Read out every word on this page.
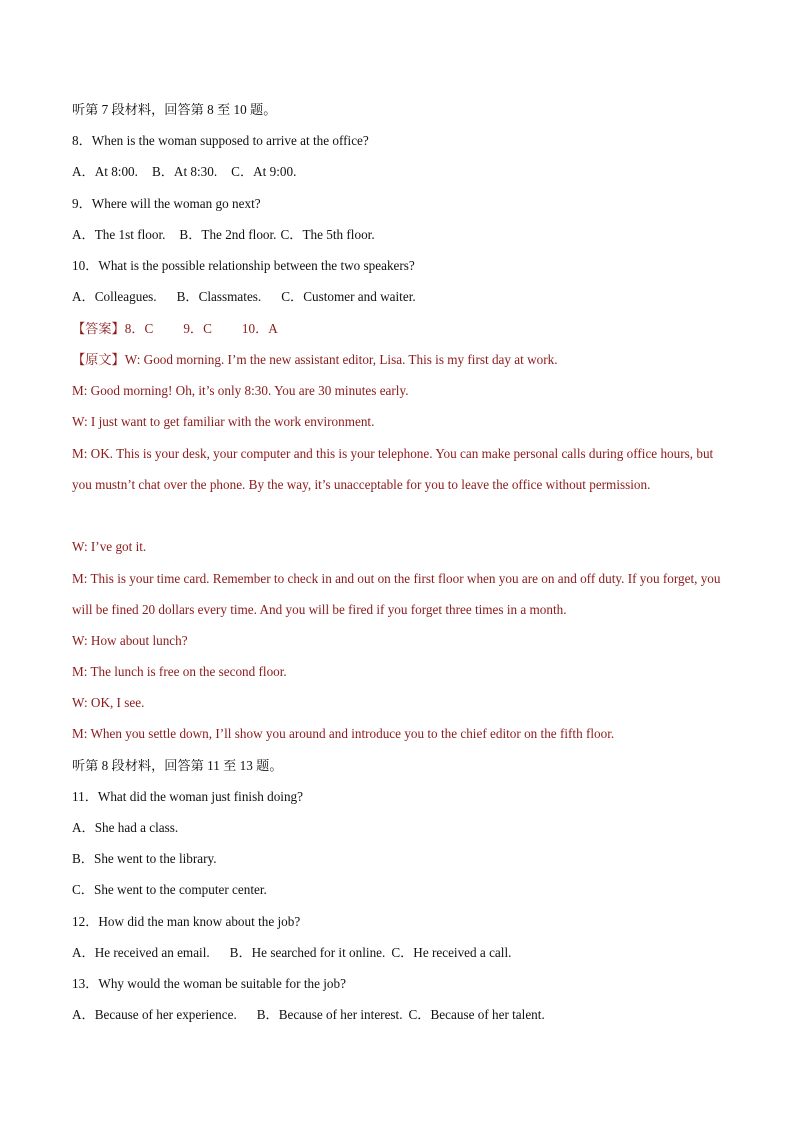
听第 7 段材料，回答第 8 至 10 题。
8．When is the woman supposed to arrive at the office?
A．At 8:00. B．At 8:30. C．At 9:00.
9．Where will the woman go next?
A．The 1st floor. B．The 2nd floor. C．The 5th floor.
10．What is the possible relationship between the two speakers?
A．Colleagues. B．Classmates. C．Customer and waiter.
【答案】8．C 9．C 10．A
【原文】W: Good morning. I’m the new assistant editor, Lisa. This is my first day at work.
M: Good morning! Oh, it’s only 8:30. You are 30 minutes early.
W: I just want to get familiar with the work environment.
M: OK. This is your desk, your computer and this is your telephone. You can make personal calls during office hours, but you mustn’t chat over the phone. By the way, it’s unacceptable for you to leave the office without permission.
W: I’ve got it.
M: This is your time card. Remember to check in and out on the first floor when you are on and off duty. If you forget, you will be fined 20 dollars every time. And you will be fired if you forget three times in a month.
W: How about lunch?
M: The lunch is free on the second floor.
W: OK, I see.
M: When you settle down, I’ll show you around and introduce you to the chief editor on the fifth floor.
听第 8 段材料，回答第 11 至 13 题。
11．What did the woman just finish doing?
A．She had a class.
B．She went to the library.
C．She went to the computer center.
12．How did the man know about the job?
A．He received an email. B．He searched for it online. C．He received a call.
13．Why would the woman be suitable for the job?
A．Because of her experience. B．Because of her interest. C．Because of her talent.
